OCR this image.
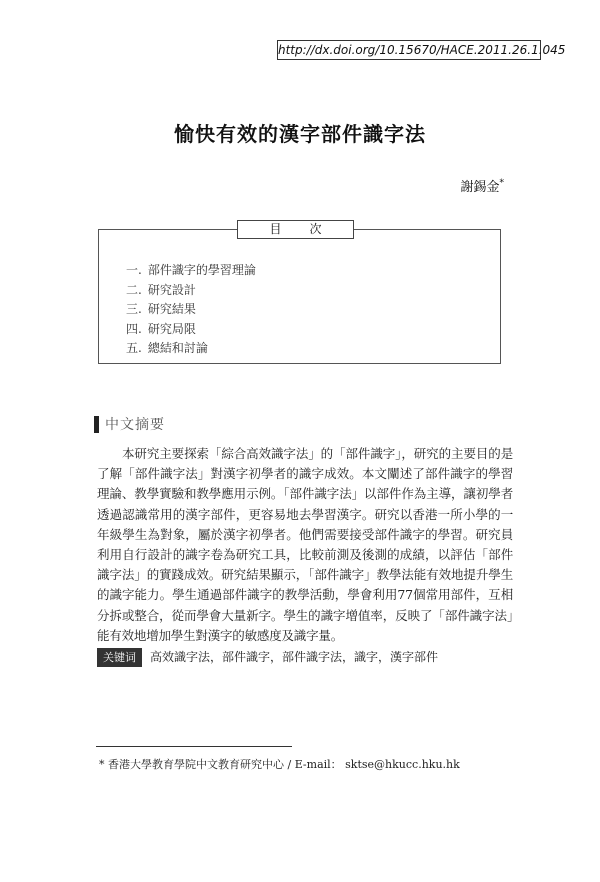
http://dx.doi.org/10.15670/HACE.2011.26.1.045
愉快有效的漢字部件識字法
謝錫金*
目次
一. 部件識字的學習理論
二. 研究設計
三. 研究結果
四. 研究局限
五. 總結和討論
中文摘要

本研究主要探索「綜合高效識字法」的「部件識字」，研究的主要目的是了解「部件識字法」對漢字初學者的識字成效。本文闡述了部件識字的學習理論、教學實驗和教學應用示例。「部件識字法」以部件作為主導，讓初學者透過認識常用的漢字部件，更容易地去學習漢字。研究以香港一所小學的一年級學生為對象，屬於漢字初學者。他們需要接受部件識字的學習。研究員利用自行設計的識字卷為研究工具，比較前測及後測的成績，以評估「部件識字法」的實踐成效。研究結果顯示，「部件識字」教學法能有效地提升學生的識字能力。學生通過部件識字的教學活動，學會利用77個常用部件，互相分拆或整合，從而學會大量新字。學生的識字增值率，反映了「部件識字法」能有效地增加學生對漢字的敏感度及識字量。

关键词 高效識字法，部件識字，部件識字法，識字，漢字部件
* 香港大學教育學院中文教育研究中心 / E-mail： sktse@hkucc.hku.hk
